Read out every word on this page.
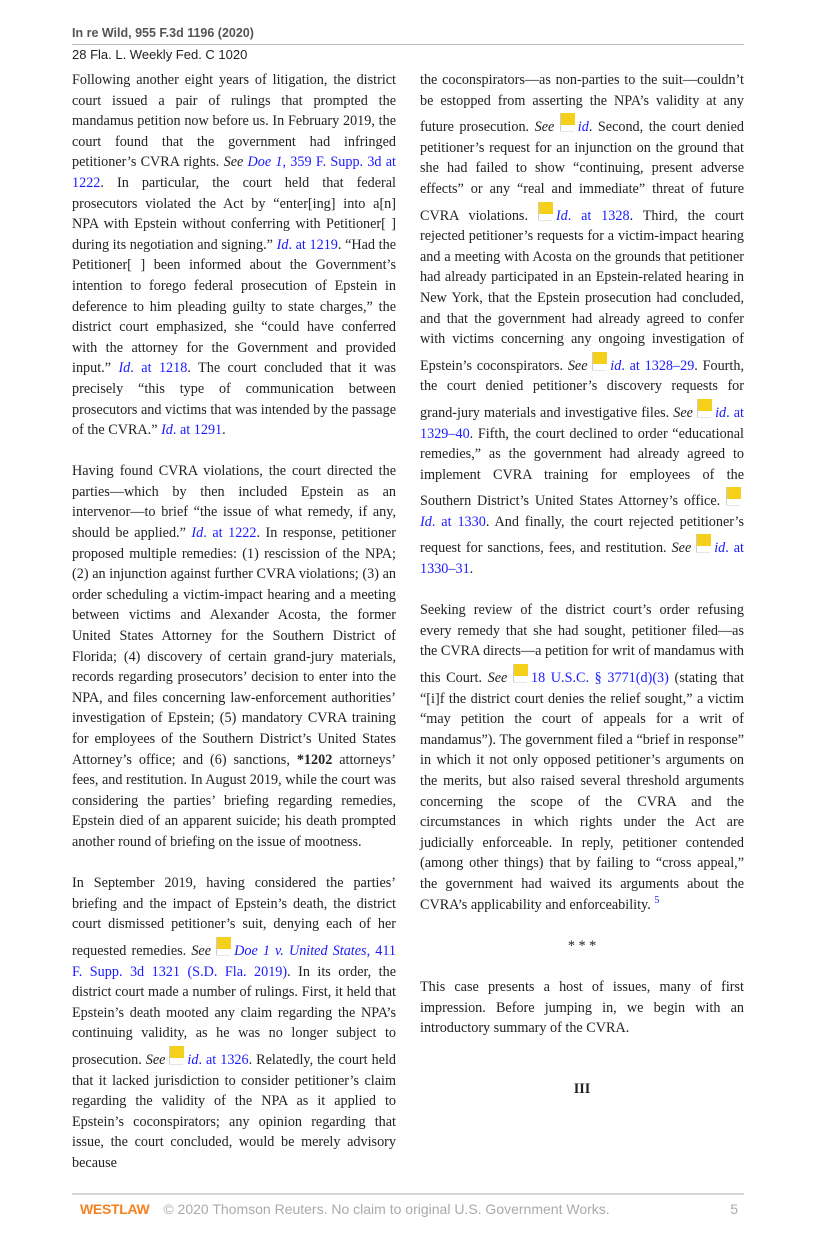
In re Wild, 955 F.3d 1196 (2020)
28 Fla. L. Weekly Fed. C 1020

Following another eight years of litigation, the district court issued a pair of rulings that prompted the mandamus petition now before us. In February 2019, the court found that the government had infringed petitioner’s CVRA rights. See Doe 1, 359 F. Supp. 3d at 1222. In particular, the court held that federal prosecutors violated the Act by “enter[ing] into a[n] NPA with Epstein without conferring with Petitioner[ ] during its negotiation and signing.” Id. at 1219. “Had the Petitioner[ ] been informed about the Government’s intention to forego federal prosecution of Epstein in deference to him pleading guilty to state charges,” the district court emphasized, she “could have conferred with the attorney for the Government and provided input.” Id. at 1218. The court concluded that it was precisely “this type of communication between prosecutors and victims that was intended by the passage of the CVRA.” Id. at 1291.

Having found CVRA violations, the court directed the parties—which by then included Epstein as an intervenor—to brief “the issue of what remedy, if any, should be applied.” Id. at 1222. In response, petitioner proposed multiple remedies: (1) rescission of the NPA; (2) an injunction against further CVRA violations; (3) an order scheduling a victim-impact hearing and a meeting between victims and Alexander Acosta, the former United States Attorney for the Southern District of Florida; (4) discovery of certain grand-jury materials, records regarding prosecutors’ decision to enter into the NPA, and files concerning law-enforcement authorities’ investigation of Epstein; (5) mandatory CVRA training for employees of the Southern District’s United States Attorney’s office; and (6) sanctions, *1202 attorneys’ fees, and restitution. In August 2019, while the court was considering the parties’ briefing regarding remedies, Epstein died of an apparent suicide; his death prompted another round of briefing on the issue of mootness.

In September 2019, having considered the parties’ briefing and the impact of Epstein’s death, the district court dismissed petitioner’s suit, denying each of her requested remedies. See
Doe 1 v. United States, 411 F. Supp. 3d 1321 (S.D. Fla. 2019). In its order, the district court made a number of rulings. First, it held that Epstein’s death mooted any claim regarding the NPA’s continuing validity, as he was no longer subject to prosecution. See
id. at 1326. Relatedly, the court held that it lacked jurisdiction to consider petitioner’s claim regarding the validity of the NPA as it applied to Epstein’s coconspirators; any opinion regarding that issue, the court concluded, would be merely advisory because

the coconspirators—as non-parties to the suit—couldn’t be estopped from asserting the NPA’s validity at any future prosecution. See
id. Second, the court denied petitioner’s request for an injunction on the ground that she had failed to show “continuing, present adverse effects” or any “real and immediate” threat of future CVRA violations.
Id. at 1328. Third, the court rejected petitioner’s requests for a victim-impact hearing and a meeting with Acosta on the grounds that petitioner had already participated in an Epstein-related hearing in New York, that the Epstein prosecution had concluded, and that the government had already agreed to confer with victims concerning any ongoing investigation of Epstein’s coconspirators. See
id. at 1328–29. Fourth, the court denied petitioner’s discovery requests for grand-jury materials and investigative files. See
id. at 1329–40. Fifth, the court declined to order “educational remedies,” as the government had already agreed to implement CVRA training for employees of the Southern District’s United States Attorney’s office.
Id. at 1330. And finally, the court rejected petitioner’s request for sanctions, fees, and restitution. See
id. at 1330–31.

Seeking review of the district court’s order refusing every remedy that she had sought, petitioner filed—as the CVRA directs—a petition for writ of mandamus with this Court. See
18 U.S.C. § 3771(d)(3) (stating that “[i]f the district court denies the relief sought,” a victim “may petition the court of appeals for a writ of mandamus”). The government filed a “brief in response” in which it not only opposed petitioner’s arguments on the merits, but also raised several threshold arguments concerning the scope of the CVRA and the circumstances in which rights under the Act are judicially enforceable. In reply, petitioner contended (among other things) that by failing to “cross appeal,” the government had waived its arguments about the CVRA’s applicability and enforceability. $^5$

* * *

This case presents a host of issues, many of first impression. Before jumping in, we begin with an introductory summary of the CVRA.

III

WESTLAW © 2020 Thomson Reuters. No claim to original U.S. Government Works.	5
